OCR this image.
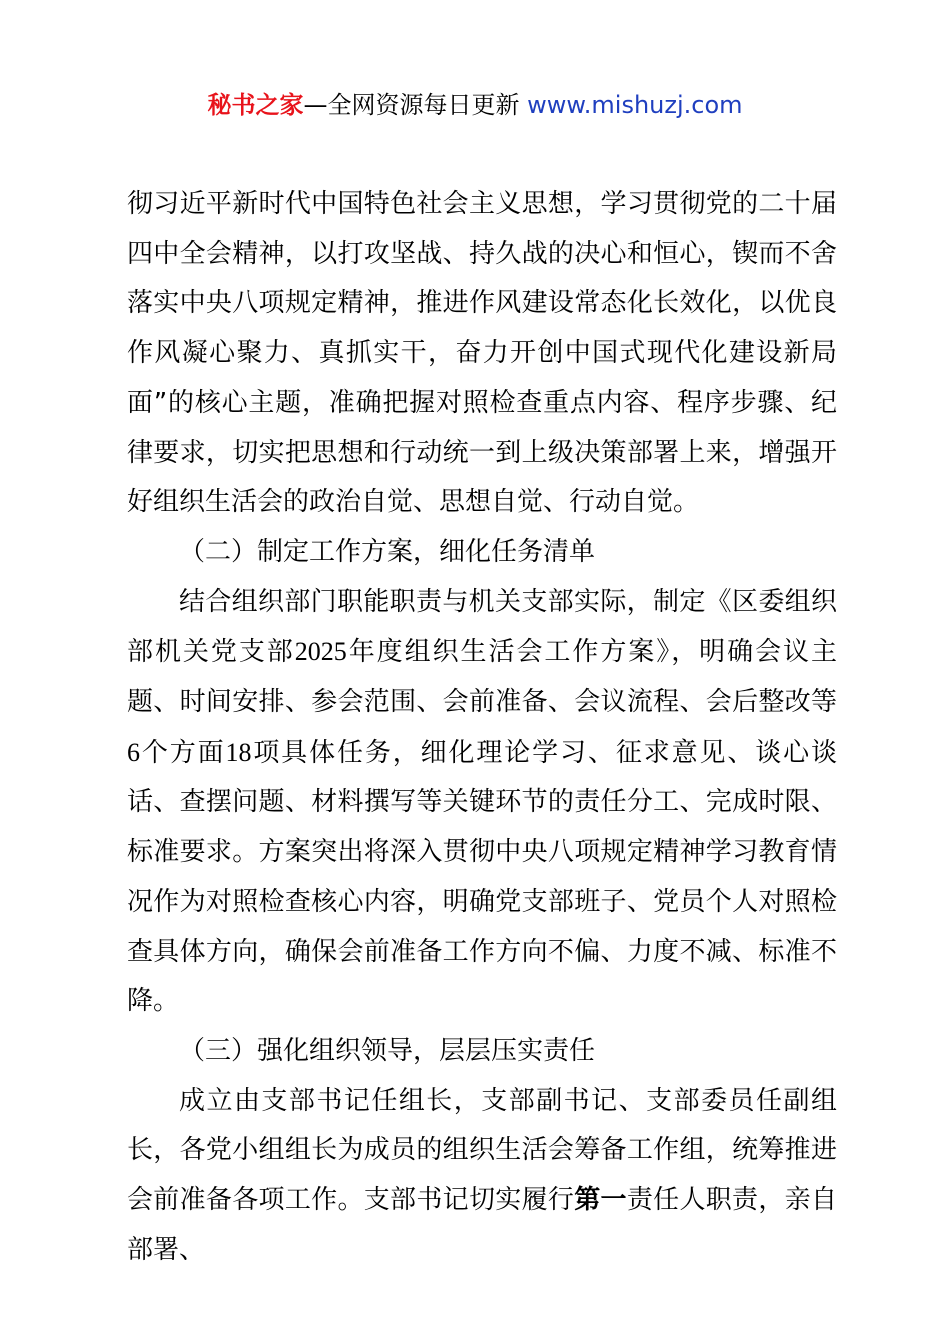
秘书之家—全网资源每日更新 www.mishuzj.com

彻习近平新时代中国特色社会主义思想，学习贯彻党的二十届四中全会精神，以打攻坚战、持久战的决心和恒心，锲而不舍落实中央八项规定精神，推进作风建设常态化长效化，以优良作风凝心聚力、真抓实干，奋力开创中国式现代化建设新局面”的核心主题，准确把握对照检查重点内容、程序步骤、纪律要求，切实把思想和行动统一到上级决策部署上来，增强开好组织生活会的政治自觉、思想自觉、行动自觉。

（二）制定工作方案，细化任务清单

结合组织部门职能职责与机关支部实际，制定《区委组织部机关党支部2025年度组织生活会工作方案》，明确会议主题、时间安排、参会范围、会前准备、会议流程、会后整改等6个方面18项具体任务，细化理论学习、征求意见、谈心谈话、查摆问题、材料撰写等关键环节的责任分工、完成时限、标准要求。方案突出将深入贯彻中央八项规定精神学习教育情况作为对照检查核心内容，明确党支部班子、党员个人对照检查具体方向，确保会前准备工作方向不偏、力度不减、标准不降。

（三）强化组织领导，层层压实责任

成立由支部书记任组长，支部副书记、支部委员任副组长，各党小组组长为成员的组织生活会筹备工作组，统筹推进会前准备各项工作。支部书记切实履行第一责任人职责，亲自部署、
